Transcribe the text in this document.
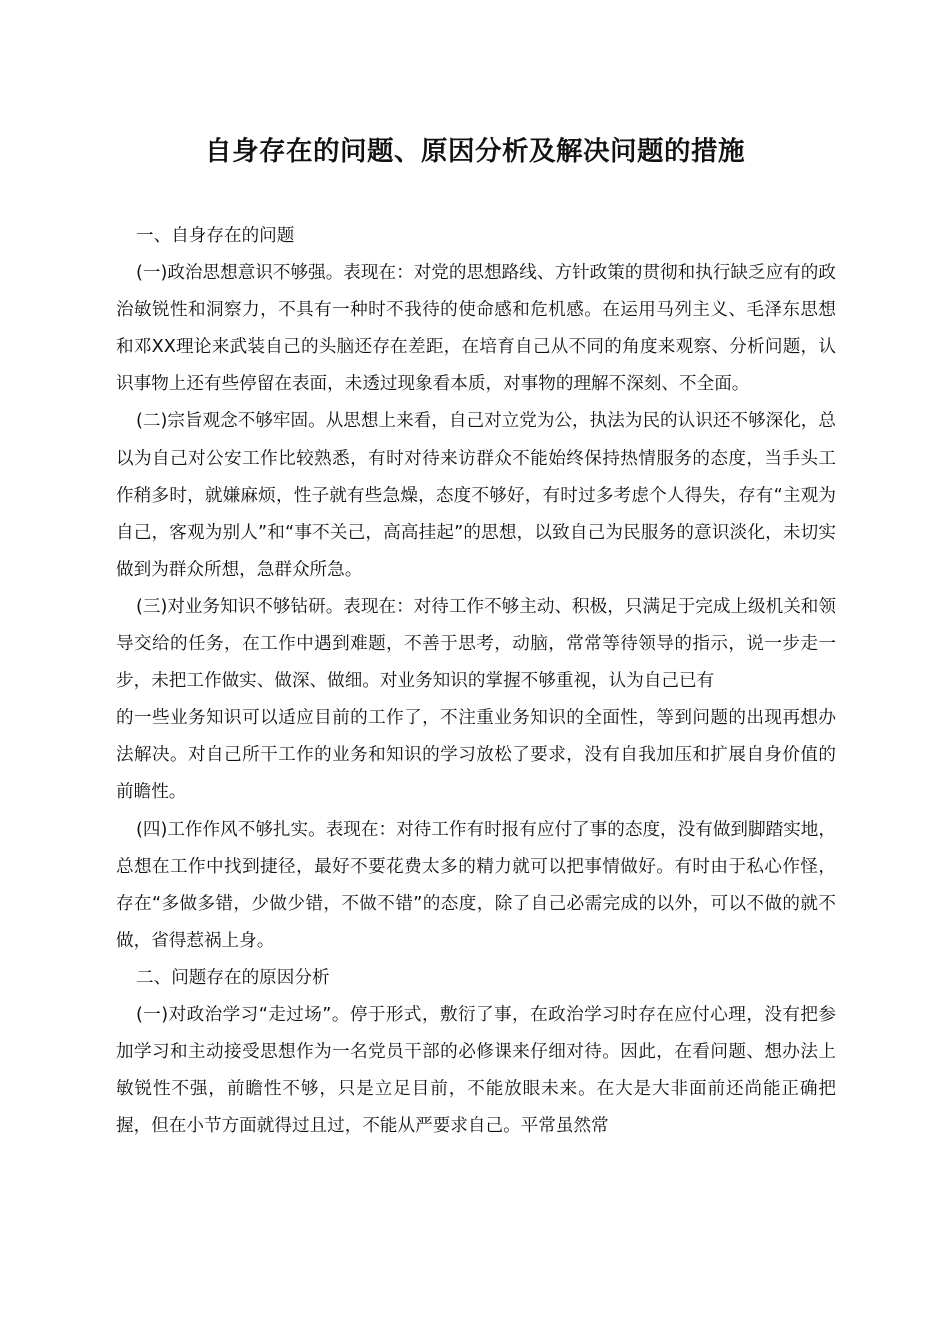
自身存在的问题、原因分析及解决问题的措施

一、自身存在的问题

(一)政治思想意识不够强。表现在：对党的思想路线、方针政策的贯彻和执行缺乏应有的政治敏锐性和洞察力，不具有一种时不我待的使命感和危机感。在运用马列主义、毛泽东思想和邓XX理论来武装自己的头脑还存在差距，在培育自己从不同的角度来观察、分析问题，认识事物上还有些停留在表面，未透过现象看本质，对事物的理解不深刻、不全面。

(二)宗旨观念不够牢固。从思想上来看，自己对立党为公，执法为民的认识还不够深化，总以为自己对公安工作比较熟悉，有时对待来访群众不能始终保持热情服务的态度，当手头工作稍多时，就嫌麻烦，性子就有些急燥，态度不够好，有时过多考虑个人得失，存有“主观为自己，客观为别人”和“事不关己，高高挂起”的思想，以致自己为民服务的意识淡化，未切实做到为群众所想，急群众所急。

(三)对业务知识不够钻研。表现在：对待工作不够主动、积极，只满足于完成上级机关和领导交给的任务，在工作中遇到难题，不善于思考，动脑，常常等待领导的指示，说一步走一步，未把工作做实、做深、做细。对业务知识的掌握不够重视，认为自己已有

的一些业务知识可以适应目前的工作了，不注重业务知识的全面性，等到问题的出现再想办法解决。对自己所干工作的业务和知识的学习放松了要求，没有自我加压和扩展自身价值的前瞻性。

(四)工作作风不够扎实。表现在：对待工作有时报有应付了事的态度，没有做到脚踏实地，总想在工作中找到捷径，最好不要花费太多的精力就可以把事情做好。有时由于私心作怪，存在“多做多错，少做少错，不做不错”的态度，除了自己必需完成的以外，可以不做的就不做，省得惹祸上身。

二、问题存在的原因分析

(一)对政治学习“走过场”。停于形式，敷衍了事，在政治学习时存在应付心理，没有把参加学习和主动接受思想作为一名党员干部的必修课来仔细对待。因此，在看问题、想办法上敏锐性不强，前瞻性不够，只是立足目前，不能放眼未来。在大是大非面前还尚能正确把握，但在小节方面就得过且过，不能从严要求自己。平常虽然常
